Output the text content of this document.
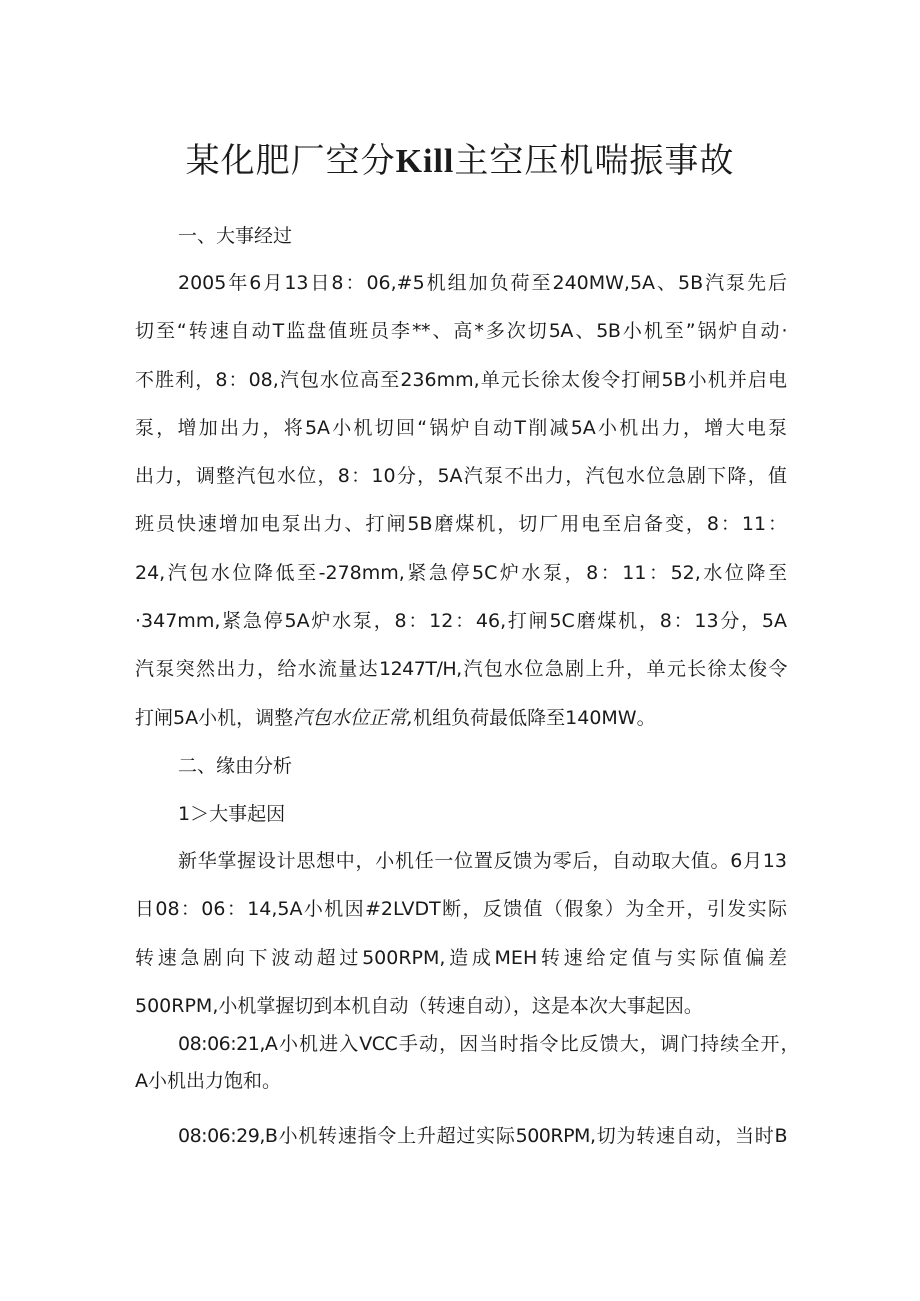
某化肥厂空分Kill主空压机喘振事故
一、大事经过
2005年6月13日8：06,#5机组加负荷至240MW,5A、5B汽泵先后
切至“转速自动T监盘值班员李**、高*多次切5A、5B小机至”锅炉自动·
不胜利，8：08,汽包水位高至236mm,单元长徐太俊令打闸5B小机并启电
泵，增加出力，将5A小机切回“锅炉自动T削减5A小机出力，增大电泵
出力，调整汽包水位，8：10分，5A汽泵不出力，汽包水位急剧下降，值
班员快速增加电泵出力、打闸5B磨煤机，切厂用电至启备变，8：11：
24,汽包水位降低至-278mm,紧急停5C炉水泵，8：11：52,水位降至
·347mm,紧急停5A炉水泵，8：12：46,打闸5C磨煤机，8：13分，5A
汽泵突然出力，给水流量达1247T/H,汽包水位急剧上升，单元长徐太俊令
打闸5A小机，调整汽包水位正常,机组负荷最低降至140MW。
二、缘由分析
1＞大事起因
新华掌握设计思想中，小机任一位置反馈为零后，自动取大值。6月13
日08：06：14,5A小机因#2LVDT断，反馈值（假象）为全开，引发实际
转速急剧向下波动超过500RPM,造成MEH转速给定值与实际值偏差
500RPM,小机掌握切到本机自动（转速自动），这是本次大事起因。
08:06:21,A小机进入VCC手动，因当时指令比反馈大，调门持续全开，
A小机出力饱和。
08:06:29,B小机转速指令上升超过实际500RPM,切为转速自动，当时B
